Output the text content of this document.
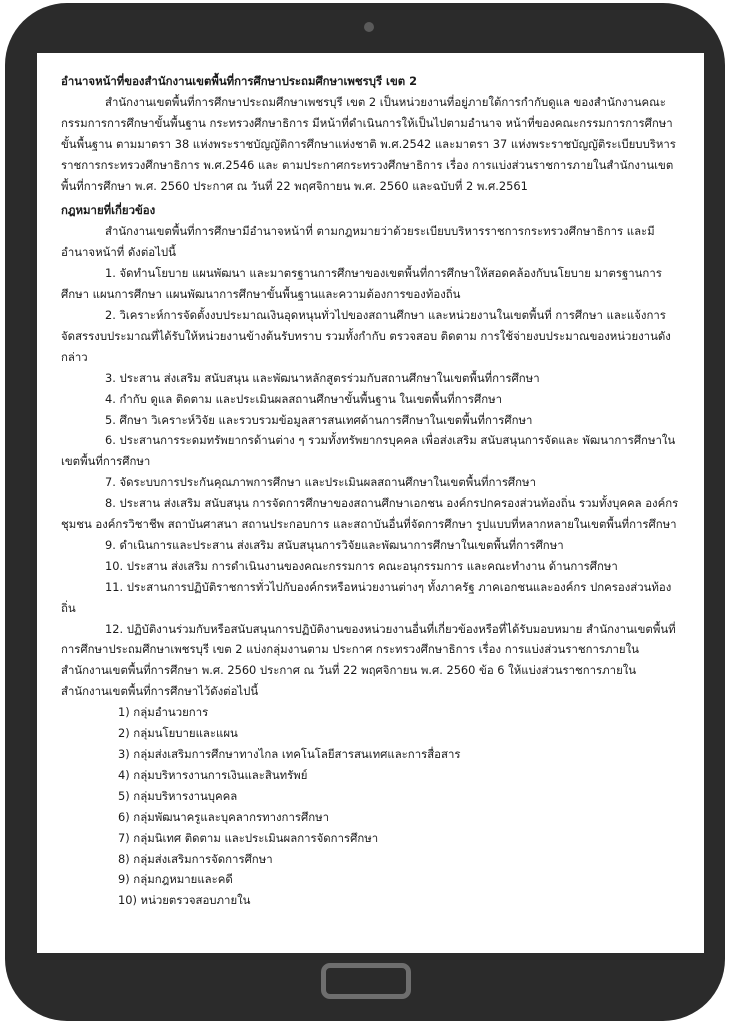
อำนาจหน้าที่ของสำนักงานเขตพื้นที่การศึกษาประถมศึกษาเพชรบุรี เขต 2

สำนักงานเขตพื้นที่การศึกษาประถมศึกษาเพชรบุรี เขต 2 เป็นหน่วยงานที่อยู่ภายใต้การกำกับดูแล ของสำนักงานคณะกรรมการการศึกษาขั้นพื้นฐาน กระทรวงศึกษาธิการ มีหน้าที่ดำเนินการให้เป็นไปตามอำนาจ หน้าที่ของคณะกรรมการการศึกษาขั้นพื้นฐาน ตามมาตรา 38 แห่งพระราชบัญญัติการศึกษาแห่งชาติ พ.ศ.2542 และมาตรา 37 แห่งพระราชบัญญัติระเบียบบริหารราชการกระทรวงศึกษาธิการ พ.ศ.2546 และ ตามประกาศกระทรวงศึกษาธิการ เรื่อง การแบ่งส่วนราชการภายในสำนักงานเขตพื้นที่การศึกษา พ.ศ. 2560 ประกาศ ณ วันที่ 22 พฤศจิกายน พ.ศ. 2560 และฉบับที่ 2 พ.ศ.2561

กฎหมายที่เกี่ยวข้อง

สำนักงานเขตพื้นที่การศึกษามีอำนาจหน้าที่ ตามกฎหมายว่าด้วยระเบียบบริหารราชการกระทรวงศึกษาธิการ และมีอำนาจหน้าที่ ดังต่อไปนี้

1. จัดทำนโยบาย แผนพัฒนา และมาตรฐานการศึกษาของเขตพื้นที่การศึกษาให้สอดคล้องกับนโยบาย มาตรฐานการศึกษา แผนการศึกษา แผนพัฒนาการศึกษาขั้นพื้นฐานและความต้องการของท้องถิ่น

2. วิเคราะห์การจัดตั้งงบประมาณเงินอุดหนุนทั่วไปของสถานศึกษา และหน่วยงานในเขตพื้นที่ การศึกษา และแจ้งการจัดสรรงบประมาณที่ได้รับให้หน่วยงานข้างต้นรับทราบ รวมทั้งกำกับ ตรวจสอบ ติดตาม การใช้จ่ายงบประมาณของหน่วยงานดังกล่าว

3. ประสาน ส่งเสริม สนับสนุน และพัฒนาหลักสูตรร่วมกับสถานศึกษาในเขตพื้นที่การศึกษา

4. กำกับ ดูแล ติดตาม และประเมินผลสถานศึกษาขั้นพื้นฐาน ในเขตพื้นที่การศึกษา

5. ศึกษา วิเคราะห์วิจัย และรวบรวมข้อมูลสารสนเทศด้านการศึกษาในเขตพื้นที่การศึกษา

6. ประสานการระดมทรัพยากรด้านต่าง ๆ รวมทั้งทรัพยากรบุคคล เพื่อส่งเสริม สนับสนุนการจัดและ พัฒนาการศึกษาในเขตพื้นที่การศึกษา

7. จัดระบบการประกันคุณภาพการศึกษา และประเมินผลสถานศึกษาในเขตพื้นที่การศึกษา

8. ประสาน ส่งเสริม สนับสนุน การจัดการศึกษาของสถานศึกษาเอกชน องค์กรปกครองส่วนท้องถิ่น รวมทั้งบุคคล องค์กรชุมชน องค์กรวิชาชีพ สถาบันศาสนา สถานประกอบการ และสถาบันอื่นที่จัดการศึกษา รูปแบบที่หลากหลายในเขตพื้นที่การศึกษา

9. ดำเนินการและประสาน ส่งเสริม สนับสนุนการวิจัยและพัฒนาการศึกษาในเขตพื้นที่การศึกษา

10. ประสาน ส่งเสริม การดำเนินงานของคณะกรรมการ คณะอนุกรรมการ และคณะทำงาน ด้านการศึกษา

11. ประสานการปฏิบัติราชการทั่วไปกับองค์กรหรือหน่วยงานต่างๆ ทั้งภาครัฐ ภาคเอกชนและองค์กร ปกครองส่วนท้องถิ่น

12. ปฏิบัติงานร่วมกับหรือสนับสนุนการปฏิบัติงานของหน่วยงานอื่นที่เกี่ยวข้องหรือที่ได้รับมอบหมาย สำนักงานเขตพื้นที่การศึกษาประถมศึกษาเพชรบุรี เขต 2 แบ่งกลุ่มงานตาม ประกาศ กระทรวงศึกษาธิการ เรื่อง การแบ่งส่วนราชการภายในสำนักงานเขตพื้นที่การศึกษา พ.ศ. 2560 ประกาศ ณ วันที่ 22 พฤศจิกายน พ.ศ. 2560 ข้อ 6 ให้แบ่งส่วนราชการภายในสำนักงานเขตพื้นที่การศึกษาไว้ดังต่อไปนี้

1) กลุ่มอำนวยการ
2) กลุ่มนโยบายและแผน
3) กลุ่มส่งเสริมการศึกษาทางไกล เทคโนโลยีสารสนเทศและการสื่อสาร
4) กลุ่มบริหารงานการเงินและสินทรัพย์
5) กลุ่มบริหารงานบุคคล
6) กลุ่มพัฒนาครูและบุคลากรทางการศึกษา
7) กลุ่มนิเทศ ติดตาม และประเมินผลการจัดการศึกษา
8) กลุ่มส่งเสริมการจัดการศึกษา
9) กลุ่มกฎหมายและคดี
10) หน่วยตรวจสอบภายใน
